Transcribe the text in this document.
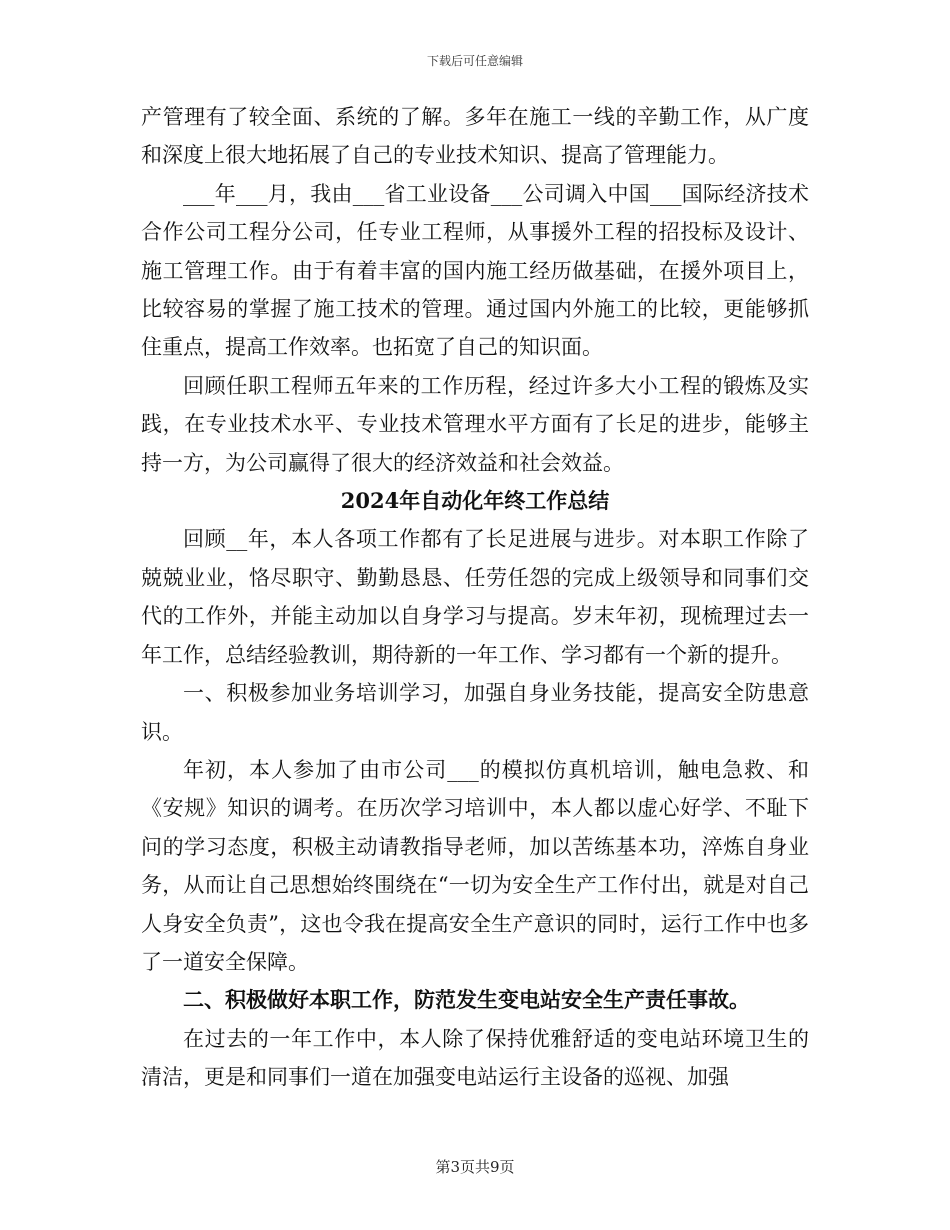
下载后可任意编辑

产管理有了较全面、系统的了解。多年在施工一线的辛勤工作，从广度和深度上很大地拓展了自己的专业技术知识、提高了管理能力。

___年___月，我由___省工业设备___公司调入中国___国际经济技术合作公司工程分公司，任专业工程师，从事援外工程的招投标及设计、施工管理工作。由于有着丰富的国内施工经历做基础，在援外项目上，比较容易的掌握了施工技术的管理。通过国内外施工的比较，更能够抓住重点，提高工作效率。也拓宽了自己的知识面。

回顾任职工程师五年来的工作历程，经过许多大小工程的锻炼及实践，在专业技术水平、专业技术管理水平方面有了长足的进步，能够主持一方，为公司赢得了很大的经济效益和社会效益。

2024年自动化年终工作总结

回顾__年，本人各项工作都有了长足进展与进步。对本职工作除了兢兢业业，恪尽职守、勤勤恳恳、任劳任怨的完成上级领导和同事们交代的工作外，并能主动加以自身学习与提高。岁末年初，现梳理过去一年工作，总结经验教训，期待新的一年工作、学习都有一个新的提升。

一、积极参加业务培训学习，加强自身业务技能，提高安全防患意识。

年初，本人参加了由市公司___的模拟仿真机培训，触电急救、和《安规》知识的调考。在历次学习培训中，本人都以虚心好学、不耻下问的学习态度，积极主动请教指导老师，加以苦练基本功，淬炼自身业务，从而让自己思想始终围绕在“一切为安全生产工作付出，就是对自己人身安全负责”，这也令我在提高安全生产意识的同时，运行工作中也多了一道安全保障。

二、积极做好本职工作，防范发生变电站安全生产责任事故。

在过去的一年工作中，本人除了保持优雅舒适的变电站环境卫生的清洁，更是和同事们一道在加强变电站运行主设备的巡视、加强

第3页共9页
